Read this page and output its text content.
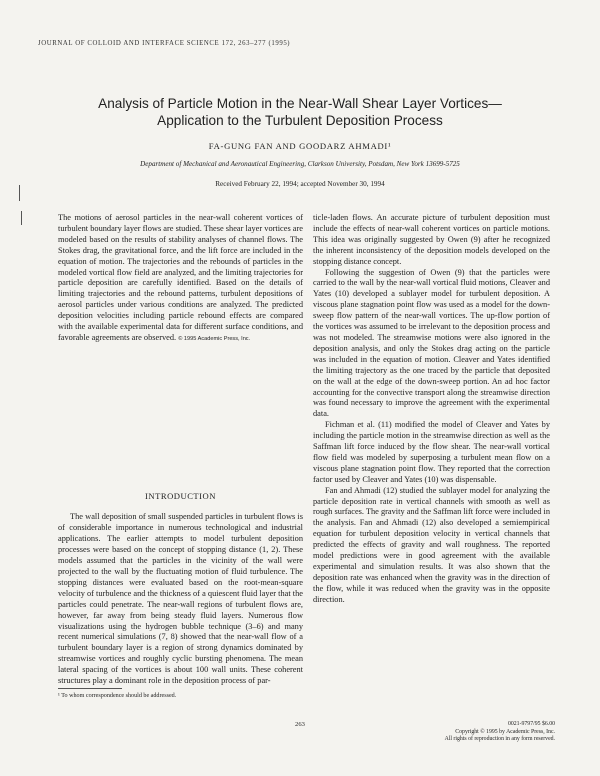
JOURNAL OF COLLOID AND INTERFACE SCIENCE 172, 263–277 (1995)
Analysis of Particle Motion in the Near-Wall Shear Layer Vortices—
Application to the Turbulent Deposition Process
FA-GUNG FAN AND GOODARZ AHMADI¹
Department of Mechanical and Aeronautical Engineering, Clarkson University, Potsdam, New York 13699-5725
Received February 22, 1994; accepted November 30, 1994

The motions of aerosol particles in the near-wall coherent vortices of turbulent boundary layer flows are studied. These shear layer vortices are modeled based on the results of stability analyses of channel flows. The Stokes drag, the gravitational force, and the lift force are included in the equation of motion. The trajectories and the rebounds of particles in the modeled vortical flow field are analyzed, and the limiting trajectories for particle deposition are carefully identified. Based on the details of limiting trajectories and the rebound patterns, turbulent depositions of aerosol particles under various conditions are analyzed. The predicted deposition velocities including particle rebound effects are compared with the available experimental data for different surface conditions, and favorable agreements are observed. © 1995 Academic Press, Inc.

INTRODUCTION

The wall deposition of small suspended particles in turbulent flows is of considerable importance in numerous technological and industrial applications. The earlier attempts to model turbulent deposition processes were based on the concept of stopping distance (1, 2). These models assumed that the particles in the vicinity of the wall were projected to the wall by the fluctuating motion of fluid turbulence. The stopping distances were evaluated based on the root-mean-square velocity of turbulence and the thickness of a quiescent fluid layer that the particles could penetrate. The near-wall regions of turbulent flows are, however, far away from being steady fluid layers. Numerous flow visualizations using the hydrogen bubble technique (3–6) and many recent numerical simulations (7, 8) showed that the near-wall flow of a turbulent boundary layer is a region of strong dynamics dominated by streamwise vortices and roughly cyclic bursting phenomena. The mean lateral spacing of the vortices is about 100 wall units. These coherent structures play a dominant role in the deposition process of par-

¹ To whom correspondence should be addressed.

ticle-laden flows. An accurate picture of turbulent deposition must include the effects of near-wall coherent vortices on particle motions. This idea was originally suggested by Owen (9) after he recognized the inherent inconsistency of the deposition models developed on the stopping distance concept.

Following the suggestion of Owen (9) that the particles were carried to the wall by the near-wall vortical fluid motions, Cleaver and Yates (10) developed a sublayer model for turbulent deposition. A viscous plane stagnation point flow was used as a model for the down-sweep flow pattern of the near-wall vortices. The up-flow portion of the vortices was assumed to be irrelevant to the deposition process and was not modeled. The streamwise motions were also ignored in the deposition analysis, and only the Stokes drag acting on the particle was included in the equation of motion. Cleaver and Yates identified the limiting trajectory as the one traced by the particle that deposited on the wall at the edge of the down-sweep portion. An ad hoc factor accounting for the convective transport along the streamwise direction was found necessary to improve the agreement with the experimental data.

Fichman et al. (11) modified the model of Cleaver and Yates by including the particle motion in the streamwise direction as well as the Saffman lift force induced by the flow shear. The near-wall vortical flow field was modeled by superposing a turbulent mean flow on a viscous plane stagnation point flow. They reported that the correction factor used by Cleaver and Yates (10) was dispensable.

Fan and Ahmadi (12) studied the sublayer model for analyzing the particle deposition rate in vertical channels with smooth as well as rough surfaces. The gravity and the Saffman lift force were included in the analysis. Fan and Ahmadi (12) also developed a semiempirical equation for turbulent deposition velocity in vertical channels that predicted the effects of gravity and wall roughness. The reported model predictions were in good agreement with the available experimental and simulation results. It was also shown that the deposition rate was enhanced when the gravity was in the direction of the flow, while it was reduced when the gravity was in the opposite direction.

263	0021-9797/95 $6.00
Copyright © 1995 by Academic Press, Inc.
All rights of reproduction in any form reserved.
